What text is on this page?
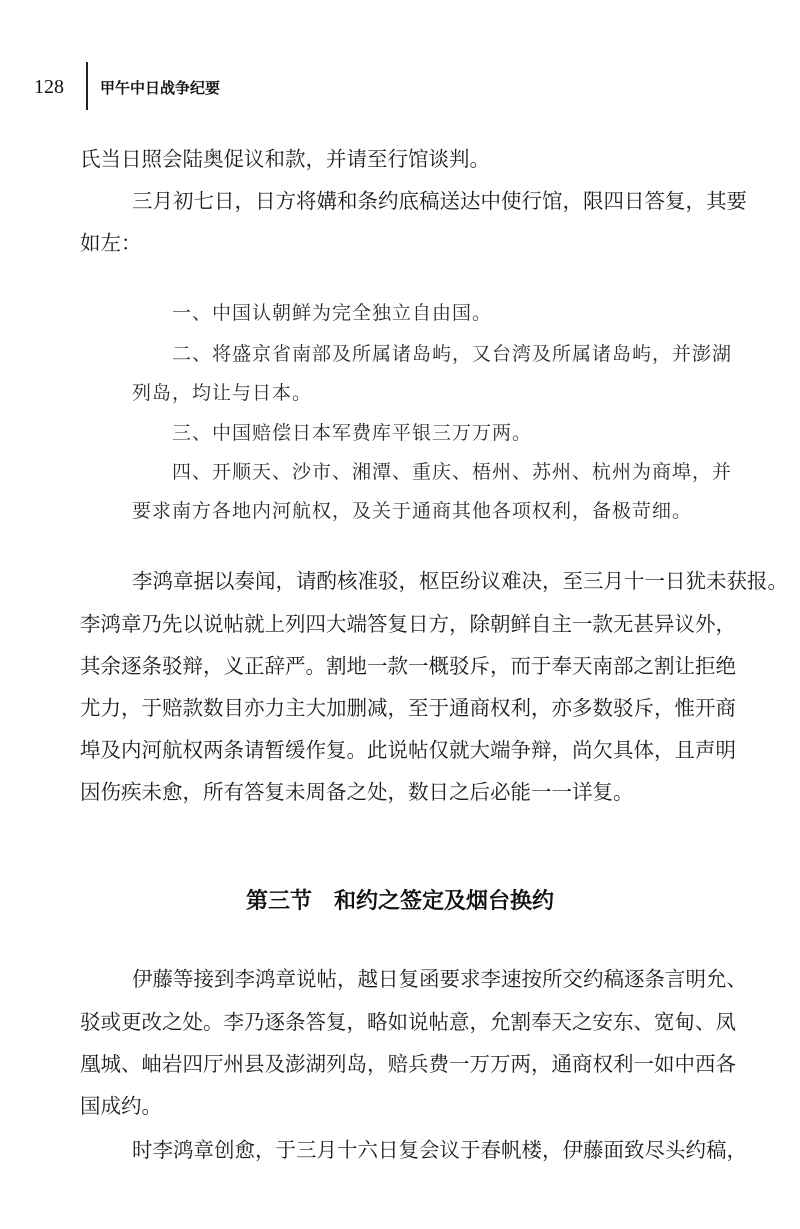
128 甲午中日战争纪要
氏当日照会陆奥促议和款，并请至行馆谈判。
三月初七日，日方将媾和条约底稿送达中使行馆，限四日答复，其要
如左：
一、中国认朝鲜为完全独立自由国。
二、将盛京省南部及所属诸岛屿，又台湾及所属诸岛屿，并澎湖
列岛，均让与日本。
三、中国赔偿日本军费库平银三万万两。
四、开顺天、沙市、湘潭、重庆、梧州、苏州、杭州为商埠，并
要求南方各地内河航权，及关于通商其他各项权利，备极苛细。
李鸿章据以奏闻，请酌核准驳，枢臣纷议难决，至三月十一日犹未获报。
李鸿章乃先以说帖就上列四大端答复日方，除朝鲜自主一款无甚异议外，
其余逐条驳辩，义正辞严。割地一款一概驳斥，而于奉天南部之割让拒绝
尤力，于赔款数目亦力主大加删减，至于通商权利，亦多数驳斥，惟开商
埠及内河航权两条请暂缓作复。此说帖仅就大端争辩，尚欠具体，且声明
因伤疾未愈，所有答复未周备之处，数日之后必能一一详复。
第三节　和约之签定及烟台换约
伊藤等接到李鸿章说帖，越日复函要求李速按所交约稿逐条言明允、
驳或更改之处。李乃逐条答复，略如说帖意，允割奉天之安东、宽甸、凤
凰城、岫岩四厅州县及澎湖列岛，赔兵费一万万两，通商权利一如中西各
国成约。
时李鸿章创愈，于三月十六日复会议于春帆楼，伊藤面致尽头约稿，
